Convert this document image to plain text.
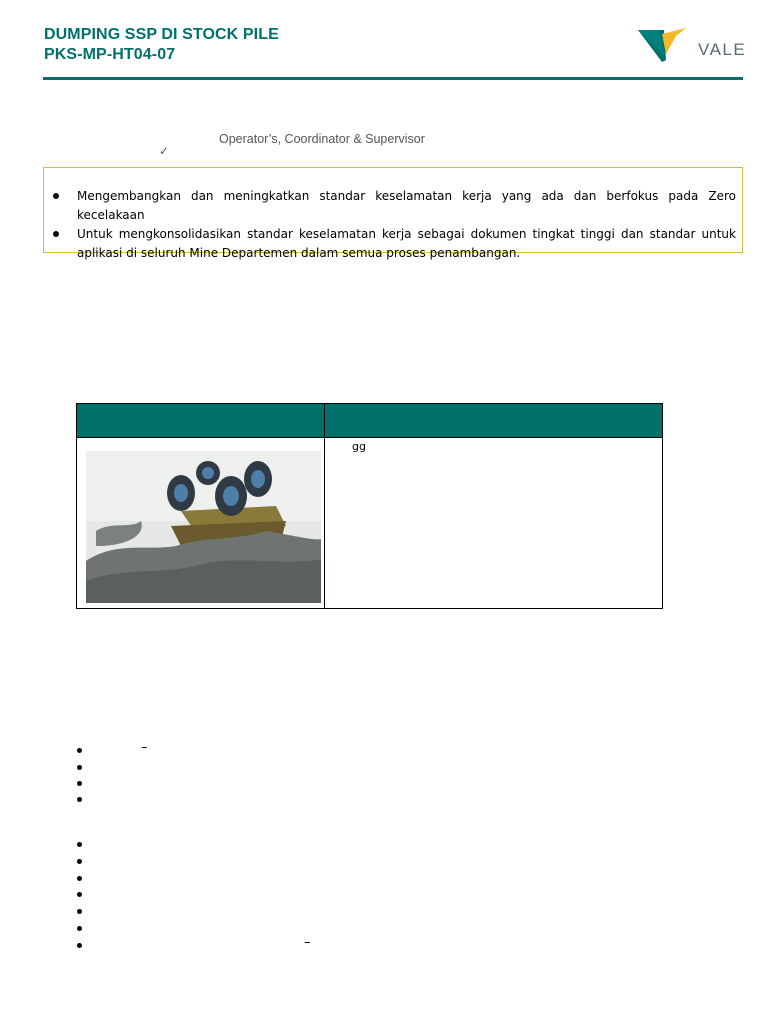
DUMPING SSP DI STOCK PILE
PKS-MP-HT04-07	VALE
✓
Operator’s, Coordinator & Supervisor
Mengembangkan dan meningkatkan standar keselamatan kerja yang ada dan berfokus pada Zero kecelakaan
Untuk mengkonsolidasikan standar keselamatan kerja sebagai dokumen tingkat tinggi dan standar untuk aplikasi di seluruh Mine Departemen dalam semua proses penambangan.
gg
–
–
